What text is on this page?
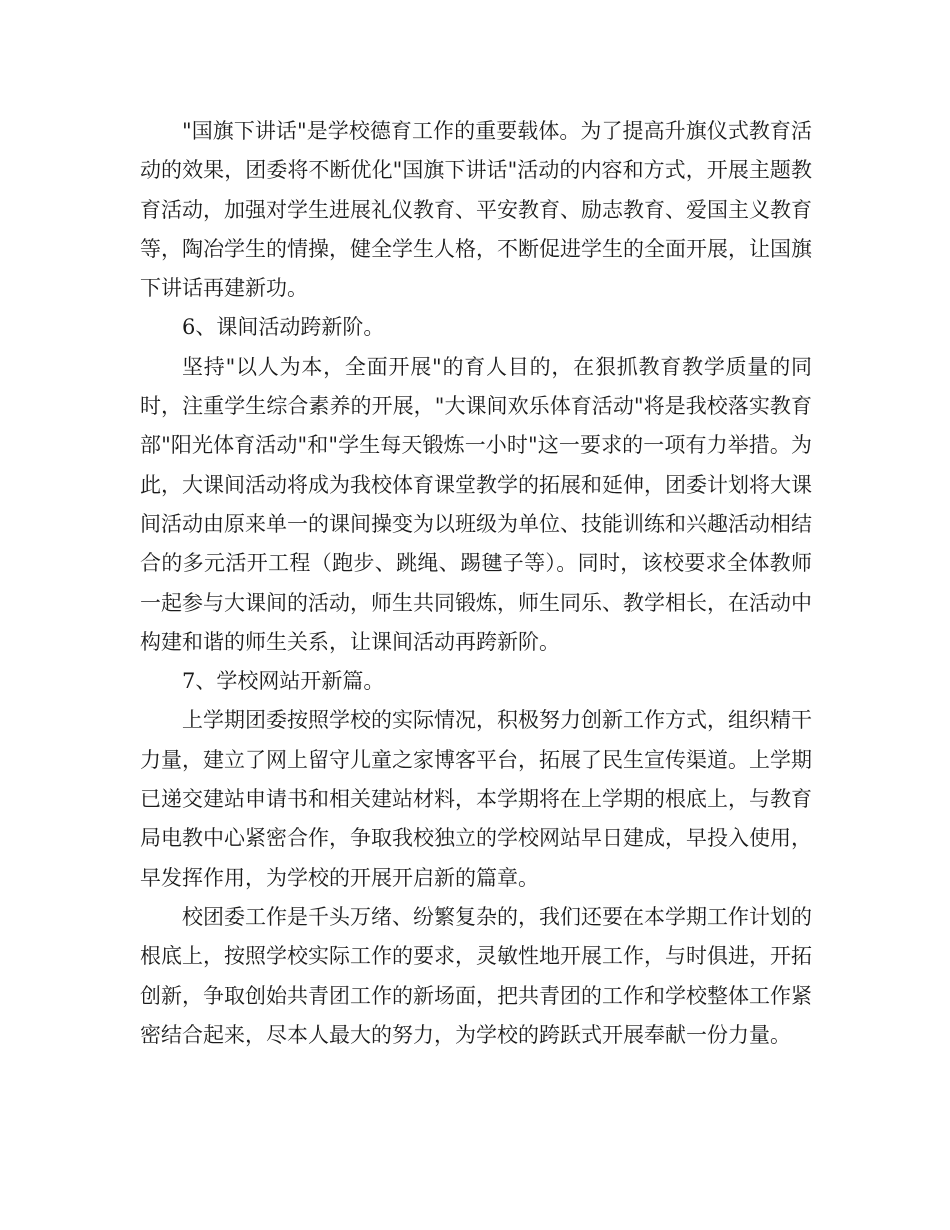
"国旗下讲话"是学校德育工作的重要载体。为了提高升旗仪式教育活动的效果，团委将不断优化"国旗下讲话"活动的内容和方式，开展主题教育活动，加强对学生进展礼仪教育、平安教育、励志教育、爱国主义教育等，陶冶学生的情操，健全学生人格，不断促进学生的全面开展，让国旗下讲话再建新功。

6、课间活动跨新阶。

坚持"以人为本，全面开展"的育人目的，在狠抓教育教学质量的同时，注重学生综合素养的开展，"大课间欢乐体育活动"将是我校落实教育部"阳光体育活动"和"学生每天锻炼一小时"这一要求的一项有力举措。为此，大课间活动将成为我校体育课堂教学的拓展和延伸，团委计划将大课间活动由原来单一的课间操变为以班级为单位、技能训练和兴趣活动相结合的多元活开工程（跑步、跳绳、踢毽子等）。同时，该校要求全体教师一起参与大课间的活动，师生共同锻炼，师生同乐、教学相长，在活动中构建和谐的师生关系，让课间活动再跨新阶。

7、学校网站开新篇。

上学期团委按照学校的实际情况，积极努力创新工作方式，组织精干力量，建立了网上留守儿童之家博客平台，拓展了民生宣传渠道。上学期已递交建站申请书和相关建站材料，本学期将在上学期的根底上，与教育局电教中心紧密合作，争取我校独立的学校网站早日建成，早投入使用，早发挥作用，为学校的开展开启新的篇章。

校团委工作是千头万绪、纷繁复杂的，我们还要在本学期工作计划的根底上，按照学校实际工作的要求，灵敏性地开展工作，与时俱进，开拓创新，争取创始共青团工作的新场面，把共青团的工作和学校整体工作紧密结合起来，尽本人最大的努力，为学校的跨跃式开展奉献一份力量。
